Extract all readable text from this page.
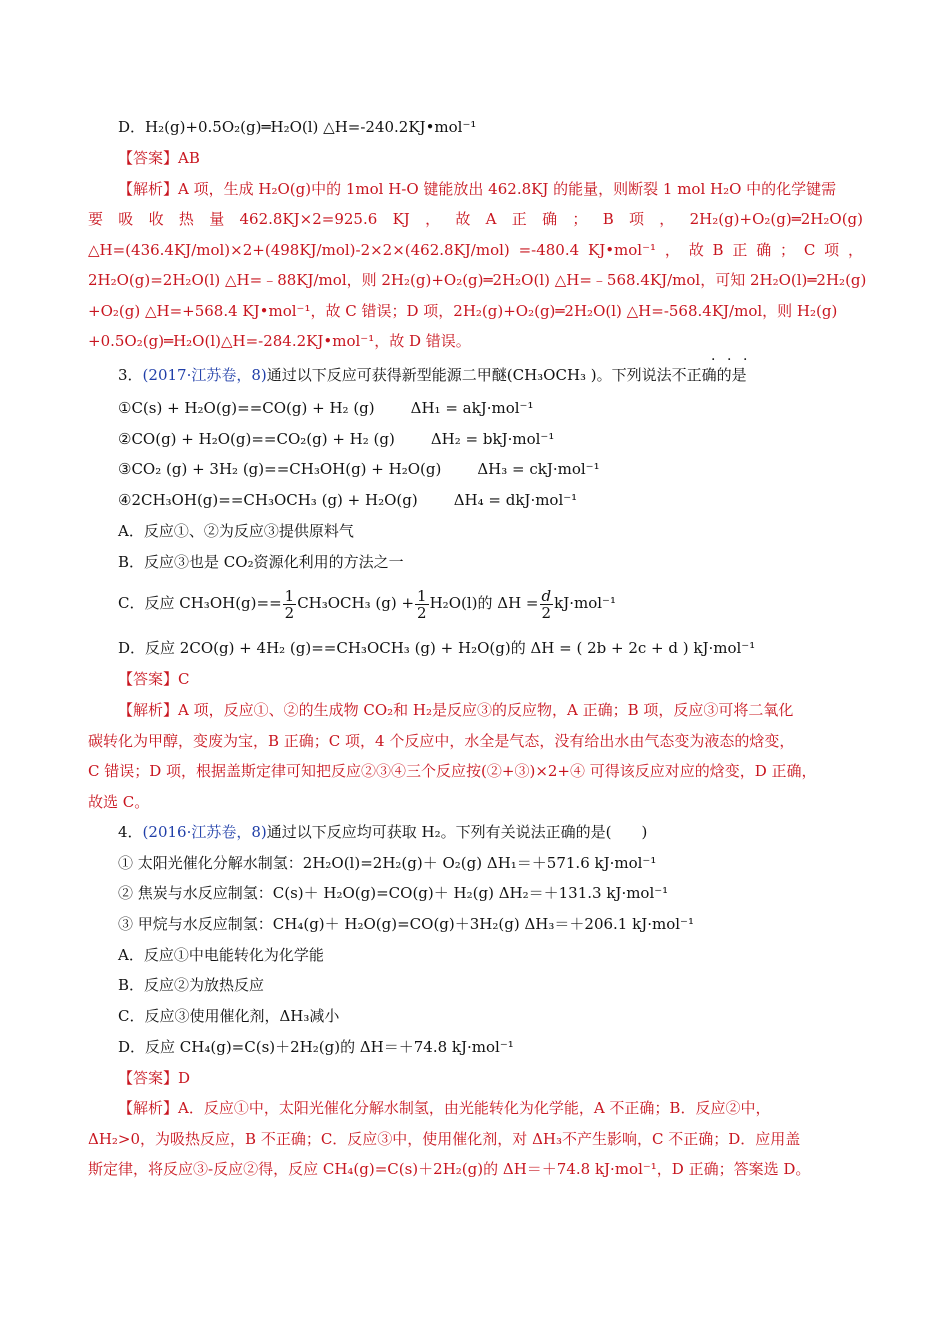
D．H₂(g)+0.5O₂(g)═H₂O(l) △H=-240.2KJ•mol⁻¹
【答案】AB
【解析】A 项，生成 H₂O(g)中的 1mol H-O 键能放出 462.8KJ 的能量，则断裂 1 mol H₂O 中的化学键需
要 吸 收 热 量 462.8KJ×2=925.6 KJ ， 故 A 正 确 ； B 项 ， 2H₂(g)+O₂(g)═2H₂O(g)
△H=(436.4KJ/mol)×2+(498KJ/mol)-2×2×(462.8KJ/mol) =-480.4 KJ•mol⁻¹ ， 故 B 正 确 ； C 项 ，
2H₂O(g)=2H₂O(l) △H=﹣88KJ/mol，则 2H₂(g)+O₂(g)═2H₂O(l) △H=﹣568.4KJ/mol，可知 2H₂O(l)═2H₂(g)
+O₂(g) △H=+568.4 KJ•mol⁻¹，故 C 错误；D 项，2H₂(g)+O₂(g)═2H₂O(l) △H=-568.4KJ/mol，则 H₂(g)
+0.5O₂(g)═H₂O(l)△H=-284.2KJ•mol⁻¹，故 D 错误。
3．(2017·江苏卷，8)通过以下反应可获得新型能源二甲醚(CH₃OCH₃ )。下列说法不正确的是
· · ·
①C(s) + H₂O(g)==CO(g) + H₂ (g) ΔH₁ = akJ·mol⁻¹
②CO(g) + H₂O(g)==CO₂(g) + H₂ (g) ΔH₂ = bkJ·mol⁻¹
③CO₂ (g) + 3H₂ (g)==CH₃OH(g) + H₂O(g) ΔH₃ = ckJ·mol⁻¹
④2CH₃OH(g)==CH₃OCH₃ (g) + H₂O(g) ΔH₄ = dkJ·mol⁻¹
A．反应①、②为反应③提供原料气
B．反应③也是 CO₂资源化利用的方法之一
C．反应 $CH_3OH(g)== \frac{1}{2} CH_3OCH_3$ $(g) + \frac{1}{2} H_2O(l)$的 $\Delta H = \frac{d}{2} kJ\cdot mol^{-1}$
D．反应 2CO(g) + 4H₂ (g)==CH₃OCH₃ (g) + H₂O(g)的 ΔH = ( 2b + 2c + d ) kJ·mol⁻¹
【答案】C
【解析】A 项，反应①、②的生成物 CO₂和 H₂是反应③的反应物，A 正确；B 项，反应③可将二氧化
碳转化为甲醇，变废为宝，B 正确；C 项，4 个反应中，水全是气态，没有给出水由气态变为液态的焓变，
C 错误；D 项，根据盖斯定律可知把反应②③④三个反应按(②+③)×2+④ 可得该反应对应的焓变，D 正确，
故选 C。
4．(2016·江苏卷，8)通过以下反应均可获取 H₂。下列有关说法正确的是(　　)
① 太阳光催化分解水制氢：2H₂O(l)=2H₂(g)＋ O₂(g) ΔH₁＝＋571.6 kJ·mol⁻¹
② 焦炭与水反应制氢：C(s)＋ H₂O(g)=CO(g)＋ H₂(g) ΔH₂＝＋131.3 kJ·mol⁻¹
③ 甲烷与水反应制氢：CH₄(g)＋ H₂O(g)=CO(g)＋3H₂(g) ΔH₃＝＋206.1 kJ·mol⁻¹
A．反应①中电能转化为化学能
B．反应②为放热反应
C．反应③使用催化剂，ΔH₃减小
D．反应 CH₄(g)=C(s)＋2H₂(g)的 ΔH＝＋74.8 kJ·mol⁻¹
【答案】D
【解析】A．反应①中，太阳光催化分解水制氢，由光能转化为化学能，A 不正确；B．反应②中，
ΔH₂>0，为吸热反应，B 不正确；C．反应③中，使用催化剂，对 ΔH₃不产生影响，C 不正确；D．应用盖
斯定律，将反应③-反应②得，反应 CH₄(g)=C(s)＋2H₂(g)的 ΔH＝＋74.8 kJ·mol⁻¹，D 正确；答案选 D。
